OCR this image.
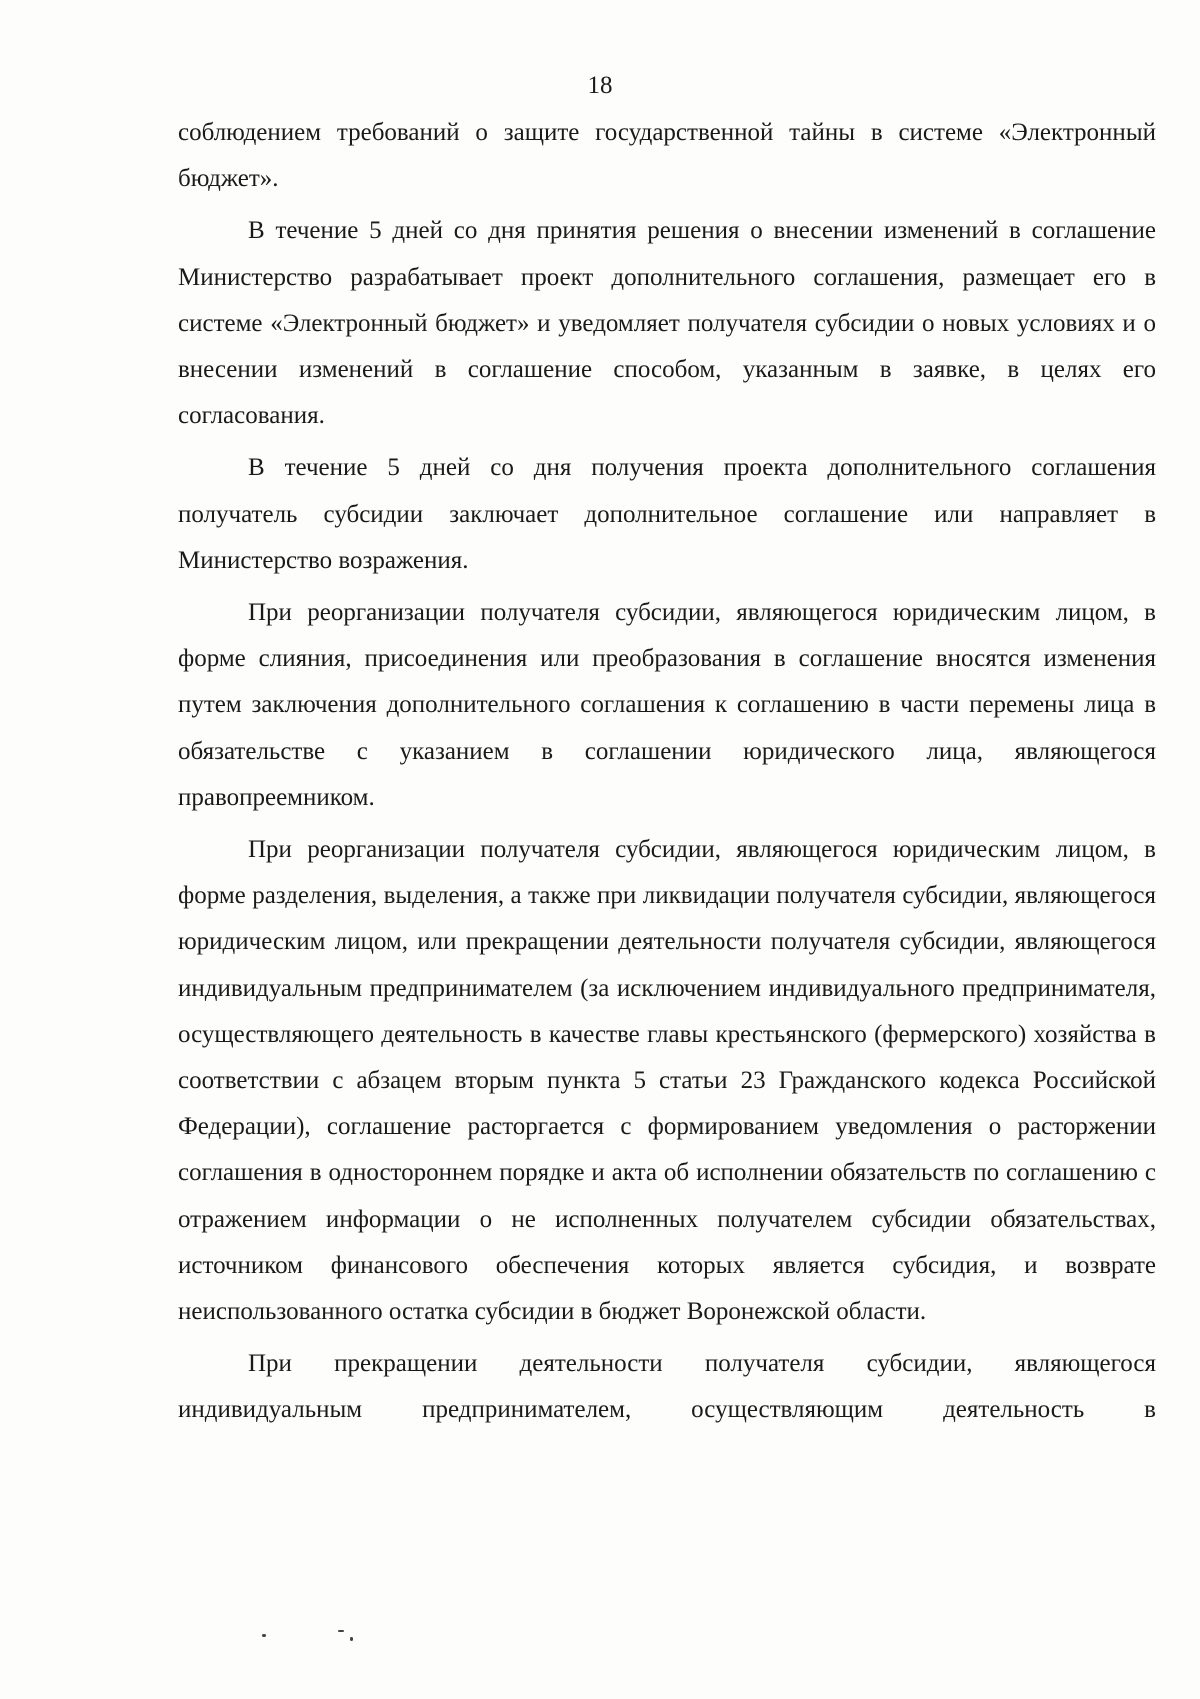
18

соблюдением требований о защите государственной тайны в системе «Электронный бюджет».

В течение 5 дней со дня принятия решения о внесении изменений в соглашение Министерство разрабатывает проект дополнительного соглашения, размещает его в системе «Электронный бюджет» и уведомляет получателя субсидии о новых условиях и о внесении изменений в соглашение способом, указанным в заявке, в целях его согласования.

В течение 5 дней со дня получения проекта дополнительного соглашения получатель субсидии заключает дополнительное соглашение или направляет в Министерство возражения.

При реорганизации получателя субсидии, являющегося юридическим лицом, в форме слияния, присоединения или преобразования в соглашение вносятся изменения путем заключения дополнительного соглашения к соглашению в части перемены лица в обязательстве с указанием в соглашении юридического лица, являющегося правопреемником.

При реорганизации получателя субсидии, являющегося юридическим лицом, в форме разделения, выделения, а также при ликвидации получателя субсидии, являющегося юридическим лицом, или прекращении деятельности получателя субсидии, являющегося индивидуальным предпринимателем (за исключением индивидуального предпринимателя, осуществляющего деятельность в качестве главы крестьянского (фермерского) хозяйства в соответствии с абзацем вторым пункта 5 статьи 23 Гражданского кодекса Российской Федерации), соглашение расторгается с формированием уведомления о расторжении соглашения в одностороннем порядке и акта об исполнении обязательств по соглашению с отражением информации о не исполненных получателем субсидии обязательствах, источником финансового обеспечения которых является субсидия, и возврате неиспользованного остатка субсидии в бюджет Воронежской области.

При прекращении деятельности получателя субсидии, являющегося индивидуальным предпринимателем, осуществляющим деятельность в
